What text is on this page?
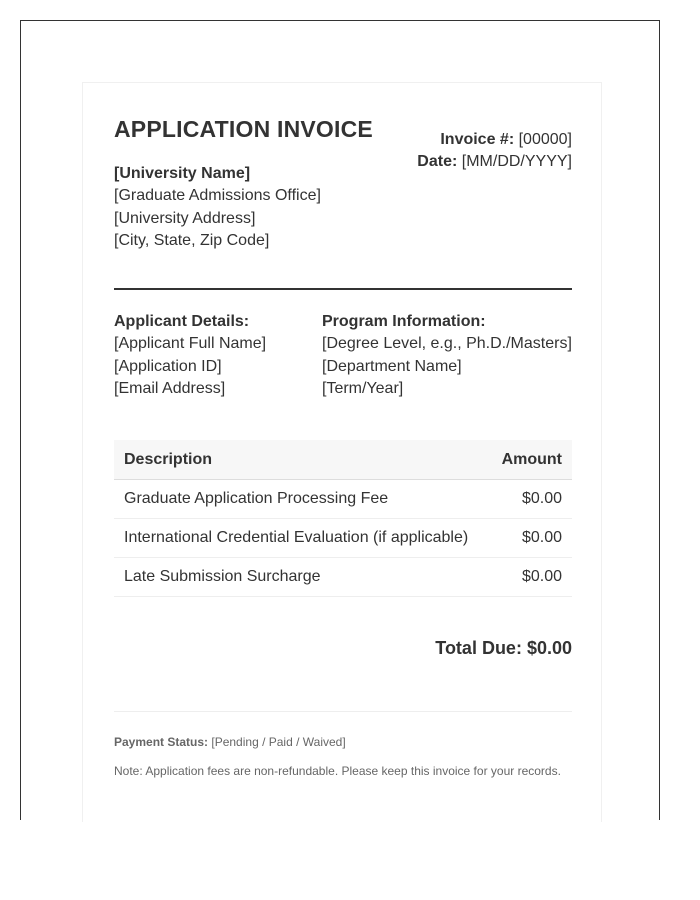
APPLICATION INVOICE	Invoice #: [00000]
Date: [MM/DD/YYYY]
[University Name]
[Graduate Admissions Office]
[University Address]
[City, State, Zip Code]
Applicant Details:
[Applicant Full Name]
[Application ID]
[Email Address]
Program Information:
[Degree Level, e.g., Ph.D./Masters]
[Department Name]
[Term/Year]
Description	Amount
Graduate Application Processing Fee	$0.00
International Credential Evaluation (if applicable)	$0.00
Late Submission Surcharge	$0.00
Total Due: $0.00
Payment Status: [Pending / Paid / Waived]
Note: Application fees are non-refundable. Please keep this invoice for your records.
